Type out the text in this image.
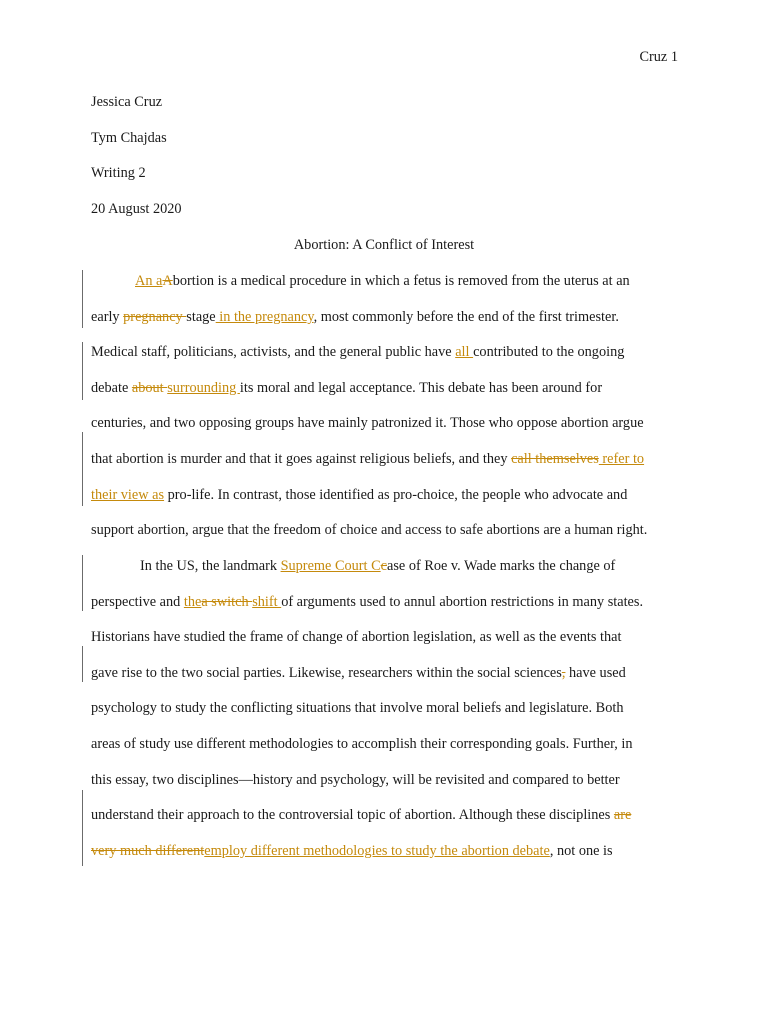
Cruz 1
Jessica Cruz
Tym Chajdas
Writing 2
20 August 2020
Abortion: A Conflict of Interest
An aAbortion is a medical procedure in which a fetus is removed from the uterus at an
early pregnancy stage in the pregnancy, most commonly before the end of the first trimester.
Medical staff, politicians, activists, and the general public have all contributed to the ongoing
debate about surrounding its moral and legal acceptance. This debate has been around for
centuries, and two opposing groups have mainly patronized it. Those who oppose abortion argue
that abortion is murder and that it goes against religious beliefs, and they call themselves refer to
their view as pro-life. In contrast, those identified as pro-choice, the people who advocate and
support abortion, argue that the freedom of choice and access to safe abortions are a human right.
In the US, the landmark Supreme Court Ccase of Roe v. Wade marks the change of
perspective and thea switch shift of arguments used to annul abortion restrictions in many states.
Historians have studied the frame of change of abortion legislation, as well as the events that
gave rise to the two social parties. Likewise, researchers within the social sciences, have used
psychology to study the conflicting situations that involve moral beliefs and legislature. Both
areas of study use different methodologies to accomplish their corresponding goals. Further, in
this essay, two disciplines—history and psychology, will be revisited and compared to better
understand their approach to the controversial topic of abortion. Although these disciplines are
very much differentemploy different methodologies to study the abortion debate, not one is
